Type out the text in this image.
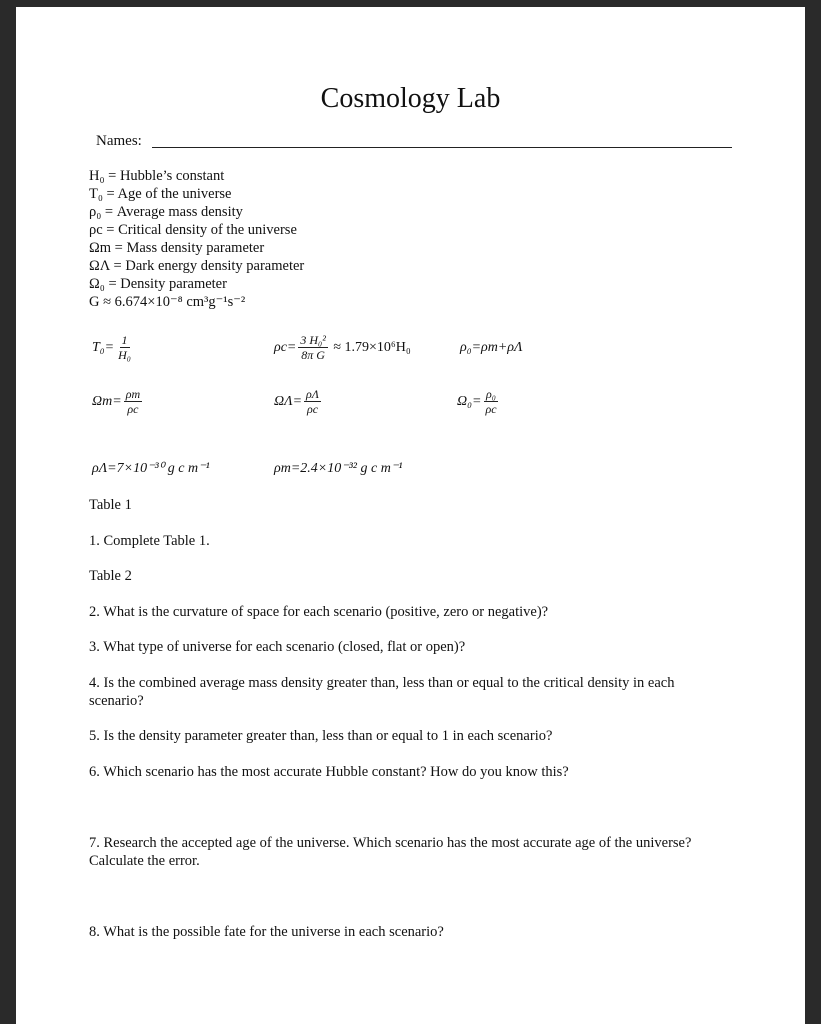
Cosmology Lab
Names:
H₀ = Hubble’s constant
T₀ = Age of the universe
ρ₀ = Average mass density
ρc = Critical density of the universe
Ωm = Mass density parameter
ΩΛ = Dark energy density parameter
Ω₀ = Density parameter
G ≈ 6.674×10⁻⁸ cm³g⁻¹s⁻²
$T_0= \frac{1}{\text{H₀}}$	$\rho c= \frac{\text{3 H₀²}}{\text{8π G}} \approx 1.79\times 10^6H_0$	ρ₀=ρm+ρΛ
$\Omega m= \frac{\rho m}{\rho c}$	$\Omega\Lambda= \frac{\rho\Lambda}{\rho c}$	$\Omega_0= \frac{\text{ρ₀}}{\rho c}$
ρΛ=7×10⁻³⁰ g c m⁻¹	ρm=2.4×10⁻³² g c m⁻¹
Table 1
1. Complete Table 1.
Table 2
2. What is the curvature of space for each scenario (positive, zero or negative)?
3. What type of universe for each scenario (closed, flat or open)?
4. Is the combined average mass density greater than, less than or equal to the critical density in each scenario?
5. Is the density parameter greater than, less than or equal to 1 in each scenario?
6. Which scenario has the most accurate Hubble constant? How do you know this?
7. Research the accepted age of the universe. Which scenario has the most accurate age of the universe? Calculate the error.
8. What is the possible fate for the universe in each scenario?
